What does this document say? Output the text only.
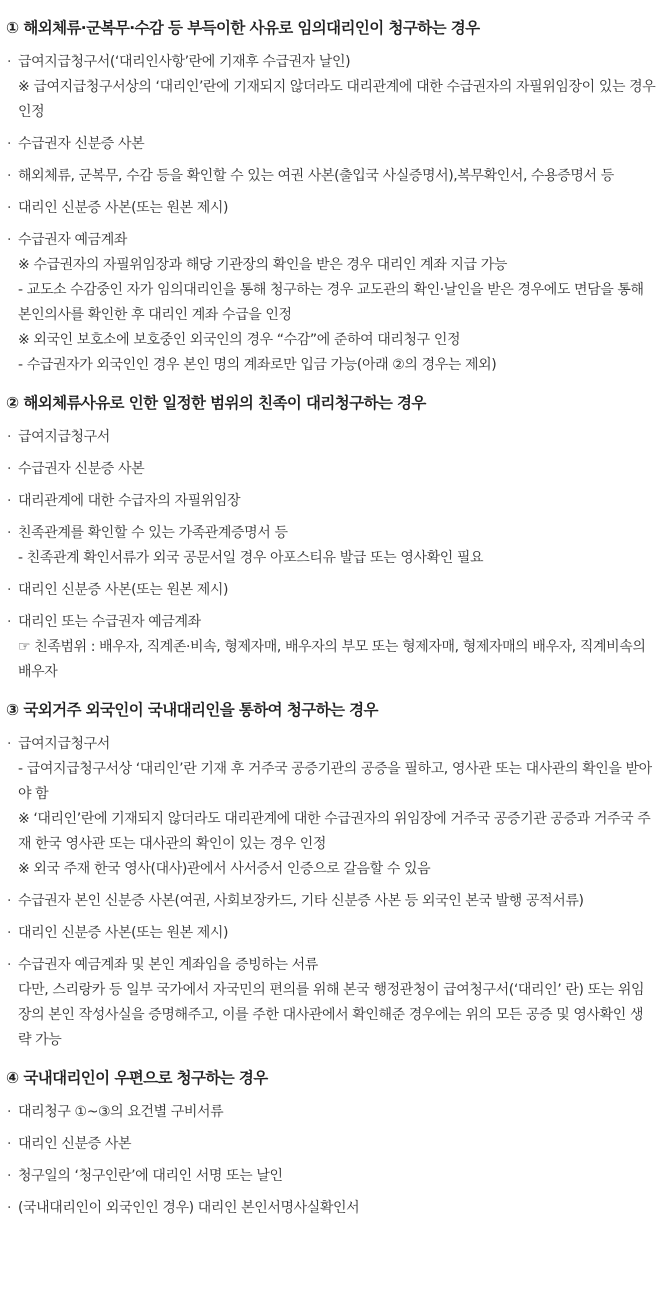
① 해외체류·군복무·수감 등 부득이한 사유로 임의대리인이 청구하는 경우
· 급여지급청구서(‘대리인사항’란에 기재후 수급권자 날인)
※ 급여지급청구서상의 ‘대리인’란에 기재되지 않더라도 대리관계에 대한 수급권자의 자필위임장이 있는 경우 인정
· 수급권자 신분증 사본
· 해외체류, 군복무, 수감 등을 확인할 수 있는 여권 사본(출입국 사실증명서),복무확인서, 수용증명서 등
· 대리인 신분증 사본(또는 원본 제시)
· 수급권자 예금계좌
※ 수급권자의 자필위임장과 해당 기관장의 확인을 받은 경우 대리인 계좌 지급 가능
- 교도소 수감중인 자가 임의대리인을 통해 청구하는 경우 교도관의 확인·날인을 받은 경우에도 면담을 통해 본인의사를 확인한 후 대리인 계좌 수급을 인정
※ 외국인 보호소에 보호중인 외국인의 경우 “수감”에 준하여 대리청구 인정
- 수급권자가 외국인인 경우 본인 명의 계좌로만 입금 가능(아래 ②의 경우는 제외)
② 해외체류사유로 인한 일정한 범위의 친족이 대리청구하는 경우
· 급여지급청구서
· 수급권자 신분증 사본
· 대리관계에 대한 수급자의 자필위임장
· 친족관계를 확인할 수 있는 가족관계증명서 등
- 친족관계 확인서류가 외국 공문서일 경우 아포스티유 발급 또는 영사확인 필요
· 대리인 신분증 사본(또는 원본 제시)
· 대리인 또는 수급권자 예금계좌
☞ 친족범위 : 배우자, 직계존·비속, 형제자매, 배우자의 부모 또는 형제자매, 형제자매의 배우자, 직계비속의 배우자
③ 국외거주 외국인이 국내대리인을 통하여 청구하는 경우
· 급여지급청구서
- 급여지급청구서상 ‘대리인’란 기재 후 거주국 공증기관의 공증을 필하고, 영사관 또는 대사관의 확인을 받아야 함
※ ‘대리인’란에 기재되지 않더라도 대리관계에 대한 수급권자의 위임장에 거주국 공증기관 공증과 거주국 주재 한국 영사관 또는 대사관의 확인이 있는 경우 인정
※ 외국 주재 한국 영사(대사)관에서 사서증서 인증으로 갈음할 수 있음
· 수급권자 본인 신분증 사본(여권, 사회보장카드, 기타 신분증 사본 등 외국인 본국 발행 공적서류)
· 대리인 신분증 사본(또는 원본 제시)
· 수급권자 예금계좌 및 본인 계좌임을 증빙하는 서류
다만, 스리랑카 등 일부 국가에서 자국민의 편의를 위해 본국 행정관청이 급여청구서(‘대리인’ 란) 또는 위임장의 본인 작성사실을 증명해주고, 이를 주한 대사관에서 확인해준 경우에는 위의 모든 공증 및 영사확인 생략 가능
④ 국내대리인이 우편으로 청구하는 경우
· 대리청구 ①~③의 요건별 구비서류
· 대리인 신분증 사본
· 청구일의 ‘청구인란’에 대리인 서명 또는 날인
· (국내대리인이 외국인인 경우) 대리인 본인서명사실확인서
